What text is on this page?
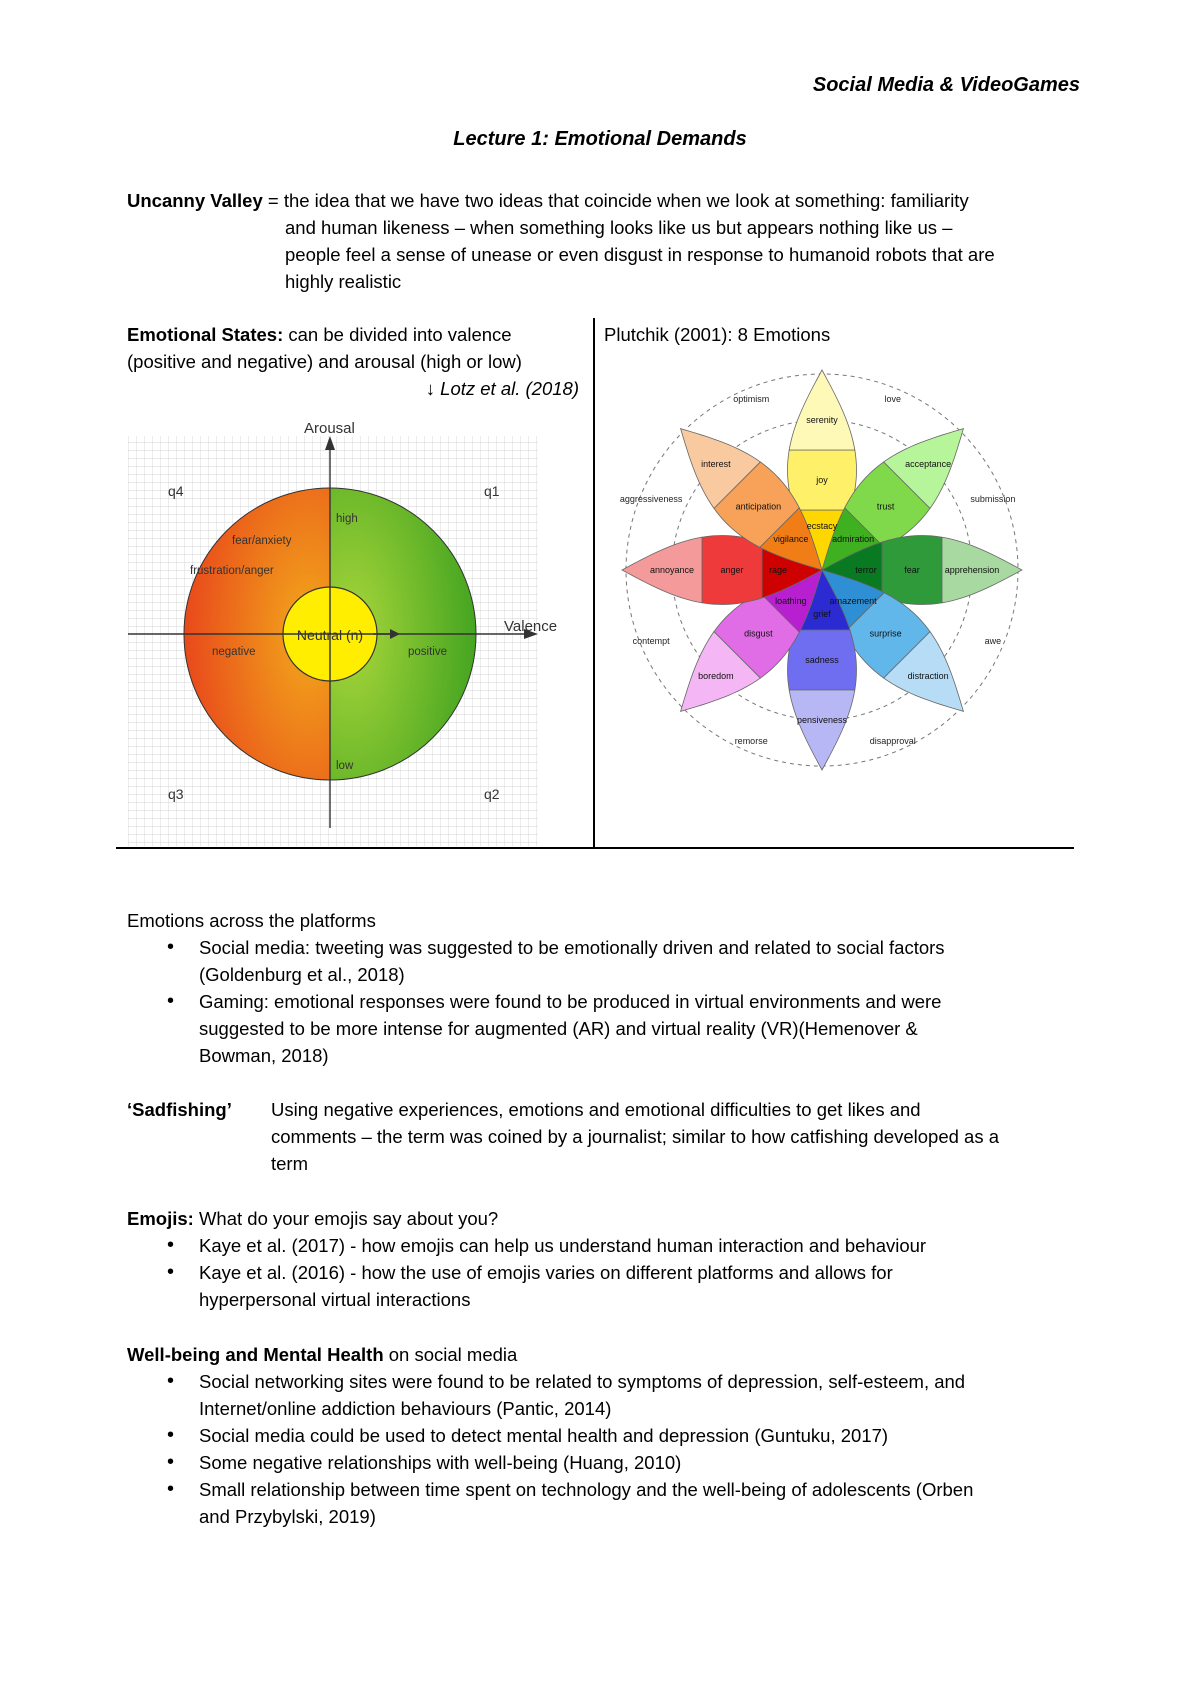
Social Media & VideoGames
Lecture 1: Emotional Demands
Uncanny Valley = the idea that we have two ideas that coincide when we look at something: familiarity
and human likeness – when something looks like us but appears nothing like us –
people feel a sense of unease or even disgust in response to humanoid robots that are
highly realistic
Emotional States: can be divided into valence
(positive and negative) and arousal (high or low)
↓ Lotz et al. (2018)
Plutchik (2001): 8 Emotions
Arousal
Valence
Neutral (n)
q4	q1
q3	q2
high
low
negative	positive
fear/anxiety
frustration/anger
ecstacy
joy
serenity
admiration
trust
acceptance
terror	fear	apprehension
amazement
surprise
distraction
grief
sadness
pensiveness
loathing
disgust
boredom
rage
anger
annoyance
vigilance
anticipation
interest
love
submission
awe
disapproval
remorse
contempt
aggressiveness
optimism
Emotions across the platforms
• Social media: tweeting was suggested to be emotionally driven and related to social factors
(Goldenburg et al., 2018)
• Gaming: emotional responses were found to be produced in virtual environments and were
suggested to be more intense for augmented (AR) and virtual reality (VR)(Hemenover &
Bowman, 2018)
‘Sadfishing’ Using negative experiences, emotions and emotional difficulties to get likes and
comments – the term was coined by a journalist; similar to how catfishing developed as a
term
Emojis: What do your emojis say about you?
• Kaye et al. (2017) - how emojis can help us understand human interaction and behaviour
• Kaye et al. (2016) - how the use of emojis varies on different platforms and allows for
hyperpersonal virtual interactions
Well-being and Mental Health on social media
• Social networking sites were found to be related to symptoms of depression, self-esteem, and
Internet/online addiction behaviours (Pantic, 2014)
• Social media could be used to detect mental health and depression (Guntuku, 2017)
• Some negative relationships with well-being (Huang, 2010)
• Small relationship between time spent on technology and the well-being of adolescents (Orben
and Przybylski, 2019)
